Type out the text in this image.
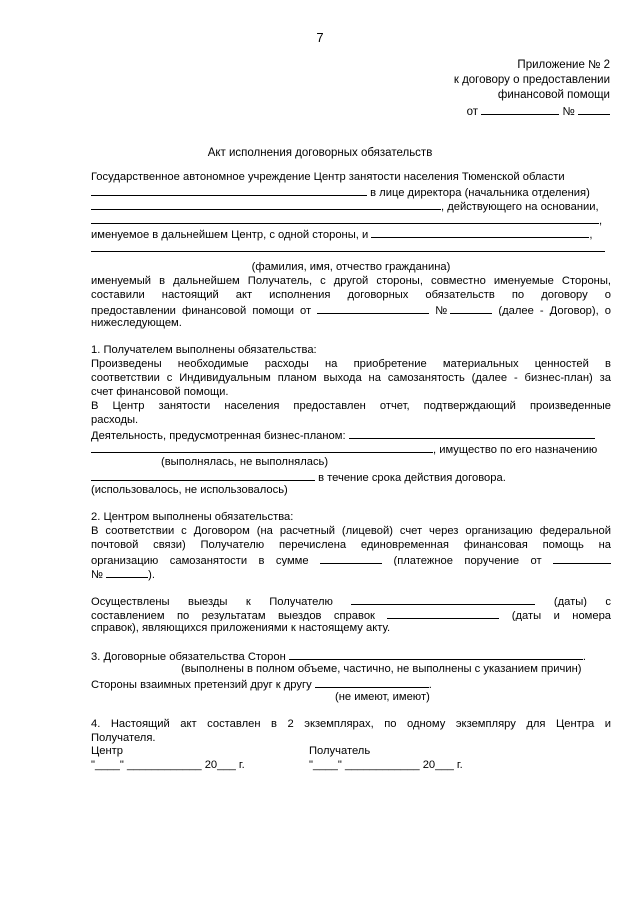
7
Приложение № 2
к договору о предоставлении
финансовой помощи
от	№
Акт исполнения договорных обязательств
Государственное автономное учреждение Центр занятости населения Тюменской области
в лице директора (начальника отделения)
, действующего на основании,
,
именуемое в дальнейшем Центр, с одной стороны, и	,
(фамилия, имя, отчество гражданина)
именуемый в дальнейшем Получатель, с другой стороны, совместно именуемые Стороны,
составили настоящий акт исполнения договорных обязательств по договору о
предоставлении финансовой помощи от	№	(далее - Договор), о
нижеследующем.
1. Получателем выполнены обязательства:
Произведены необходимые расходы на приобретение материальных ценностей в
соответствии с Индивидуальным планом выхода на самозанятость (далее - бизнес-план) за
счет финансовой помощи.
В Центр занятости населения предоставлен отчет, подтверждающий произведенные
расходы.
Деятельность, предусмотренная бизнес-планом:
, имущество по его назначению
(выполнялась, не выполнялась)
в течение срока действия договора.
(использовалось, не использовалось)
2. Центром выполнены обязательства:
В соответствии с Договором (на расчетный (лицевой) счет через организацию федеральной
почтовой связи) Получателю перечислена единовременная финансовая помощь на
организацию самозанятости в сумме	(платежное поручение от
№	).
Осуществлены выезды к Получателю	(даты) с
составлением по результатам выездов справок	(даты и номера
справок), являющихся приложениями к настоящему акту.
3. Договорные обязательства Сторон	.
(выполнены в полном объеме, частично, не выполнены с указанием причин)
Стороны взаимных претензий друг к другу	.
(не имеют, имеют)
4. Настоящий акт составлен в 2 экземплярах, по одному экземпляру для Центра и
Получателя.
Центр
"____" ____________ 20___ г.
Получатель
"____" ____________ 20___ г.
